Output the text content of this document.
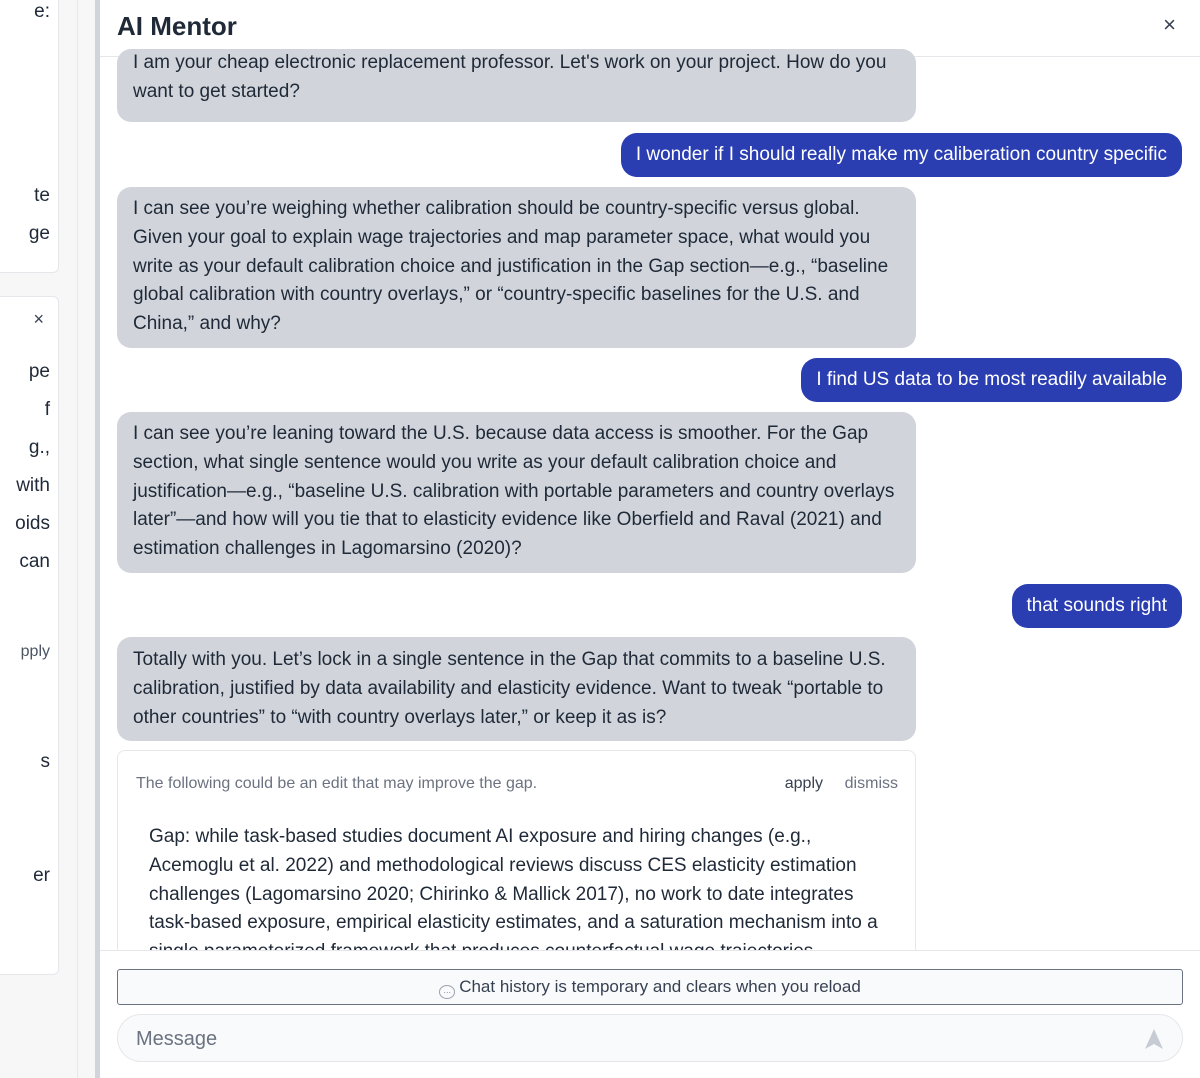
e:
te
ge
×
pe
f
g.,
with
oids
can
pply
s
er
AI Mentor	×
I am your cheap electronic replacement professor. Let's work on your project. How do you want to get started?
I wonder if I should really make my caliberation country specific
I can see you’re weighing whether calibration should be country-specific versus global. Given your goal to explain wage trajectories and map parameter space, what would you write as your default calibration choice and justification in the Gap section—e.g., “baseline global calibration with country overlays,” or “country-specific baselines for the U.S. and China,” and why?
I find US data to be most readily available
I can see you’re leaning toward the U.S. because data access is smoother. For the Gap section, what single sentence would you write as your default calibration choice and justification—e.g., “baseline U.S. calibration with portable parameters and country overlays later”—and how will you tie that to elasticity evidence like Oberfield and Raval (2021) and estimation challenges in Lagomarsino (2020)?
that sounds right
Totally with you. Let’s lock in a single sentence in the Gap that commits to a baseline U.S. calibration, justified by data availability and elasticity evidence. Want to tweak “portable to other countries” to “with country overlays later,” or keep it as is?
The following could be an edit that may improve the gap.	apply dismiss
Gap: while task-based studies document AI exposure and hiring changes (e.g., Acemoglu et al. 2022) and methodological reviews discuss CES elasticity estimation challenges (Lagomarsino 2020; Chirinko & Mallick 2017), no work to date integrates task-based exposure, empirical elasticity estimates, and a saturation mechanism into a
… Chat history is temporary and clears when you reload
Message
